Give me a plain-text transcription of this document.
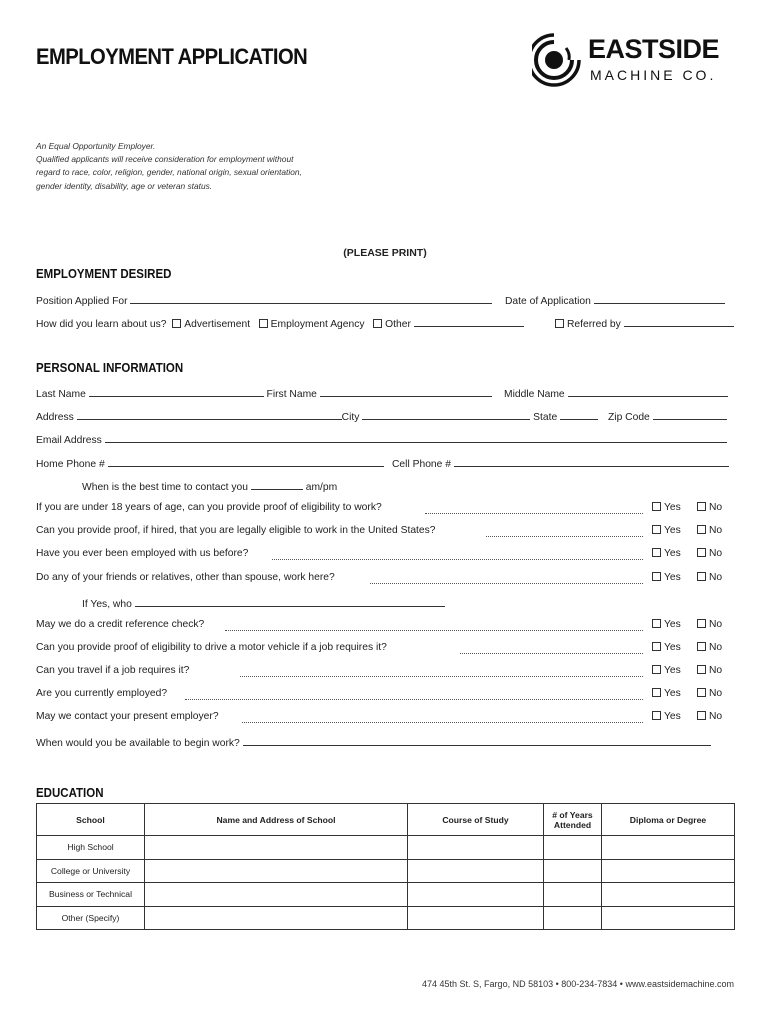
EMPLOYMENT APPLICATION	EASTSIDE
MACHINE CO.
An Equal Opportunity Employer.
Qualified applicants will receive consideration for employment without
regard to race, color, religion, gender, national origin, sexual orientation,
gender identity, disability, age or veteran status.
(PLEASE PRINT)
EMPLOYMENT DESIRED
Position Applied For	Date of Application
How did you learn about us? Advertisement Employment Agency Other	Referred by
PERSONAL INFORMATION
Last Name	First Name	Middle Name
Address	City	State	Zip Code
Email Address
Home Phone #	Cell Phone #
When is the best time to contact you	am/pm
If you are under 18 years of age, can you provide proof of eligibility to work?	Yes	No
Can you provide proof, if hired, that you are legally eligible to work in the United States?	Yes	No
Have you ever been employed with us before?	Yes	No
Do any of your friends or relatives, other than spouse, work here?	Yes	No
If Yes, who
May we do a credit reference check?	Yes	No
Can you provide proof of eligibility to drive a motor vehicle if a job requires it?	Yes	No
Can you travel if a job requires it?	Yes	No
Are you currently employed?	Yes	No
May we contact your present employer?	Yes	No
When would you be available to begin work?
EDUCATION
School	Name and Address of School	Course of Study	# of Years Attended	Diploma or Degree
High School				
College or University				
Business or Technical				
Other (Specify)				
474 45th St. S, Fargo, ND 58103 • 800-234-7834 • www.eastsidemachine.com
